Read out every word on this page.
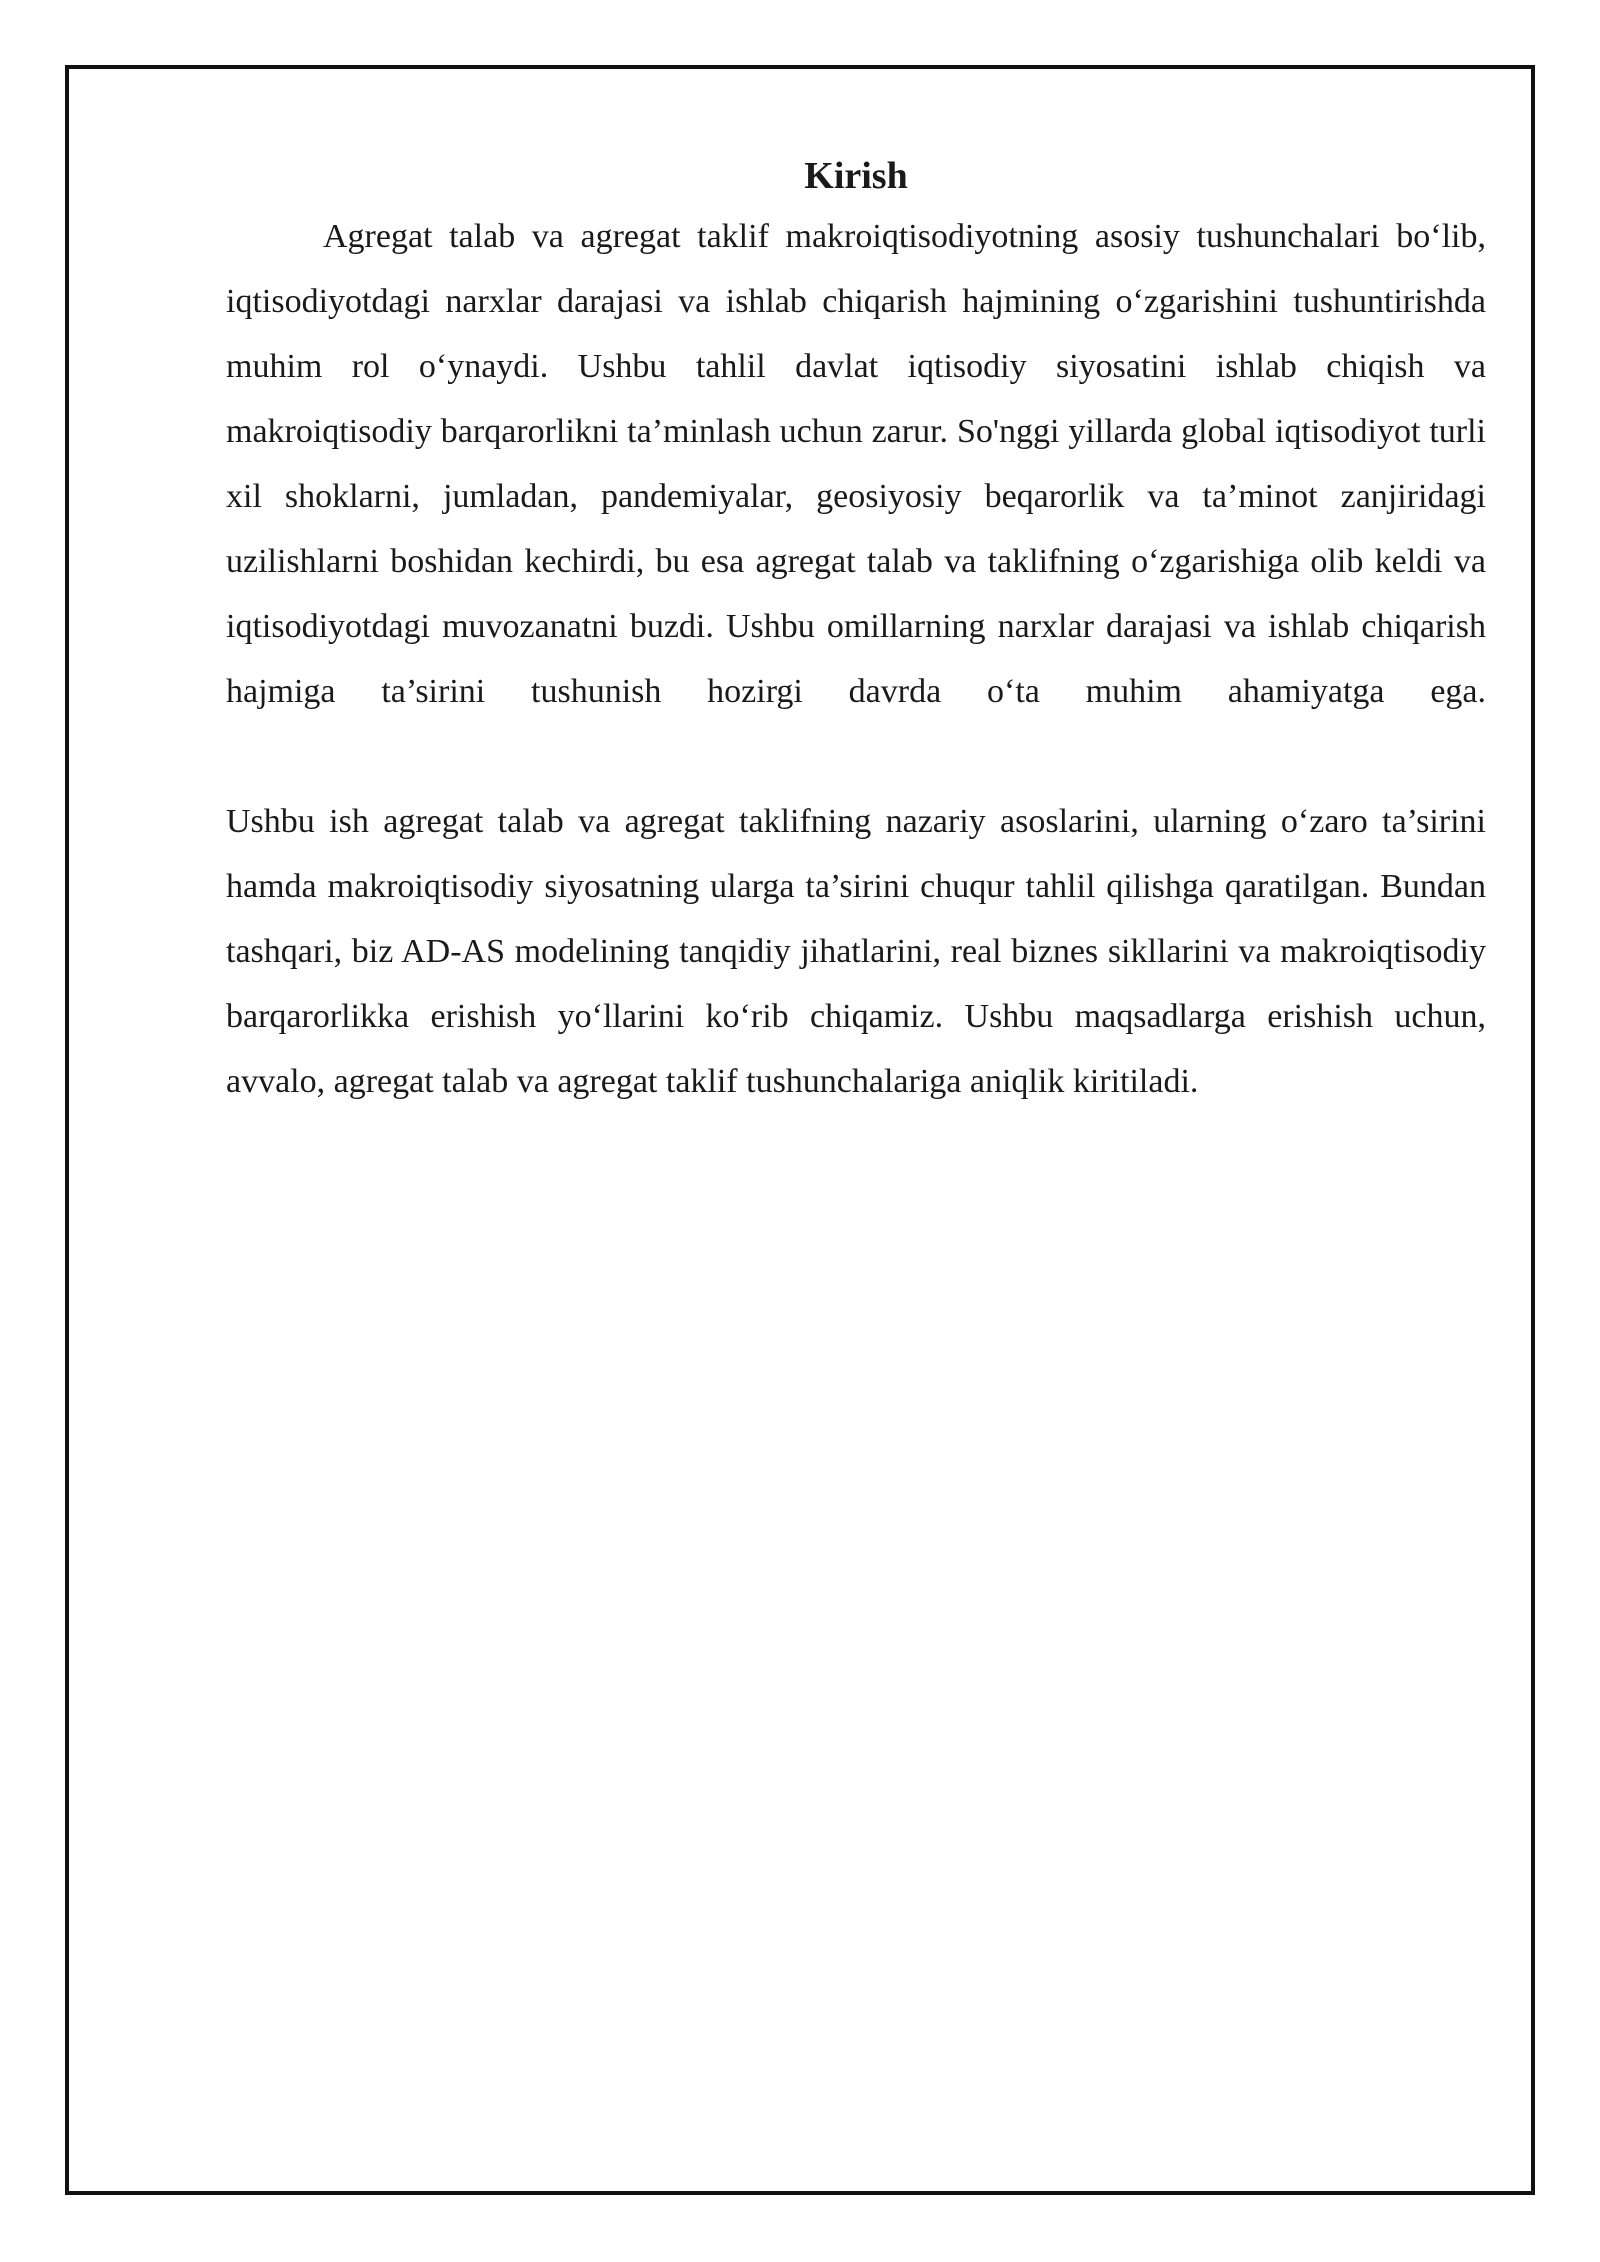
Kirish

Agregat talab va agregat taklif makroiqtisodiyotning asosiy tushunchalari bo‘lib, iqtisodiyotdagi narxlar darajasi va ishlab chiqarish hajmining o‘zgarishini tushuntirishda muhim rol o‘ynaydi. Ushbu tahlil davlat iqtisodiy siyosatini ishlab chiqish va makroiqtisodiy barqarorlikni ta’minlash uchun zarur. So'nggi yillarda global iqtisodiyot turli xil shoklarni, jumladan, pandemiyalar, geosiyosiy beqarorlik va ta’minot zanjiridagi uzilishlarni boshidan kechirdi, bu esa agregat talab va taklifning o‘zgarishiga olib keldi va iqtisodiyotdagi muvozanatni buzdi. Ushbu omillarning narxlar darajasi va ishlab chiqarish hajmiga ta’sirini tushunish hozirgi davrda o‘ta muhim ahamiyatga ega.

Ushbu ish agregat talab va agregat taklifning nazariy asoslarini, ularning o‘zaro ta’sirini hamda makroiqtisodiy siyosatning ularga ta’sirini chuqur tahlil qilishga qaratilgan. Bundan tashqari, biz AD-AS modelining tanqidiy jihatlarini, real biznes sikllarini va makroiqtisodiy barqarorlikka erishish yo‘llarini ko‘rib chiqamiz. Ushbu maqsadlarga erishish uchun, avvalo, agregat talab va agregat taklif tushunchalariga aniqlik kiritiladi.
